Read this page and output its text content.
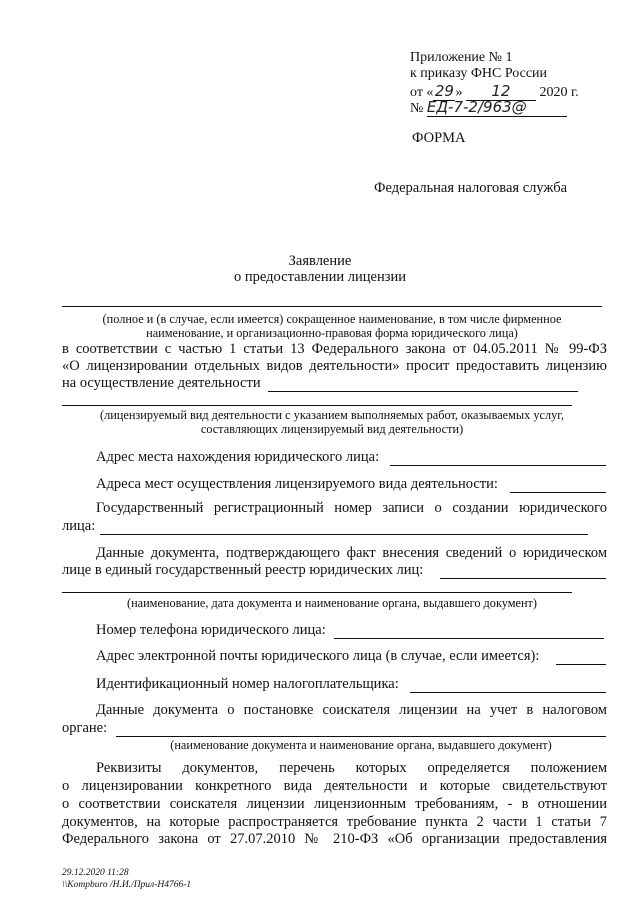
Приложение № 1
к приказу ФНС России
от «29» 12 2020 г.
№ ЕД-7-2/963@
ФОРМА
Федеральная налоговая служба
Заявление
о предоставлении лицензии
(полное и (в случае, если имеется) сокращенное наименование, в том числе фирменное
наименование, и организационно-правовая форма юридического лица)
в соответствии с частью 1 статьи 13 Федерального закона от 04.05.2011 № 99-ФЗ
«О лицензировании отдельных видов деятельности» просит предоставить лицензию
на осуществление деятельности
(лицензируемый вид деятельности с указанием выполняемых работ, оказываемых услуг,
составляющих лицензируемый вид деятельности)
Адрес места нахождения юридического лица:
Адреса мест осуществления лицензируемого вида деятельности:
Государственный регистрационный номер записи о создании юридического
лица:
Данные документа, подтверждающего факт внесения сведений о юридическом
лице в единый государственный реестр юридических лиц:
(наименование, дата документа и наименование органа, выдавшего документ)
Номер телефона юридического лица:
Адрес электронной почты юридического лица (в случае, если имеется):
Идентификационный номер налогоплательщика:
Данные документа о постановке соискателя лицензии на учет в налоговом
органе:
(наименование документа и наименование органа, выдавшего документ)
Реквизиты документов, перечень которых определяется положением
о лицензировании конкретного вида деятельности и которые свидетельствуют
о соответствии соискателя лицензии лицензионным требованиям, - в отношении
документов, на которые распространяется требование пункта 2 части 1 статьи 7
Федерального закона от 27.07.2010 № 210-ФЗ «Об организации предоставления
29.12.2020 11:28
\\Kompburo /Н.И./Прил-Н4766-1
